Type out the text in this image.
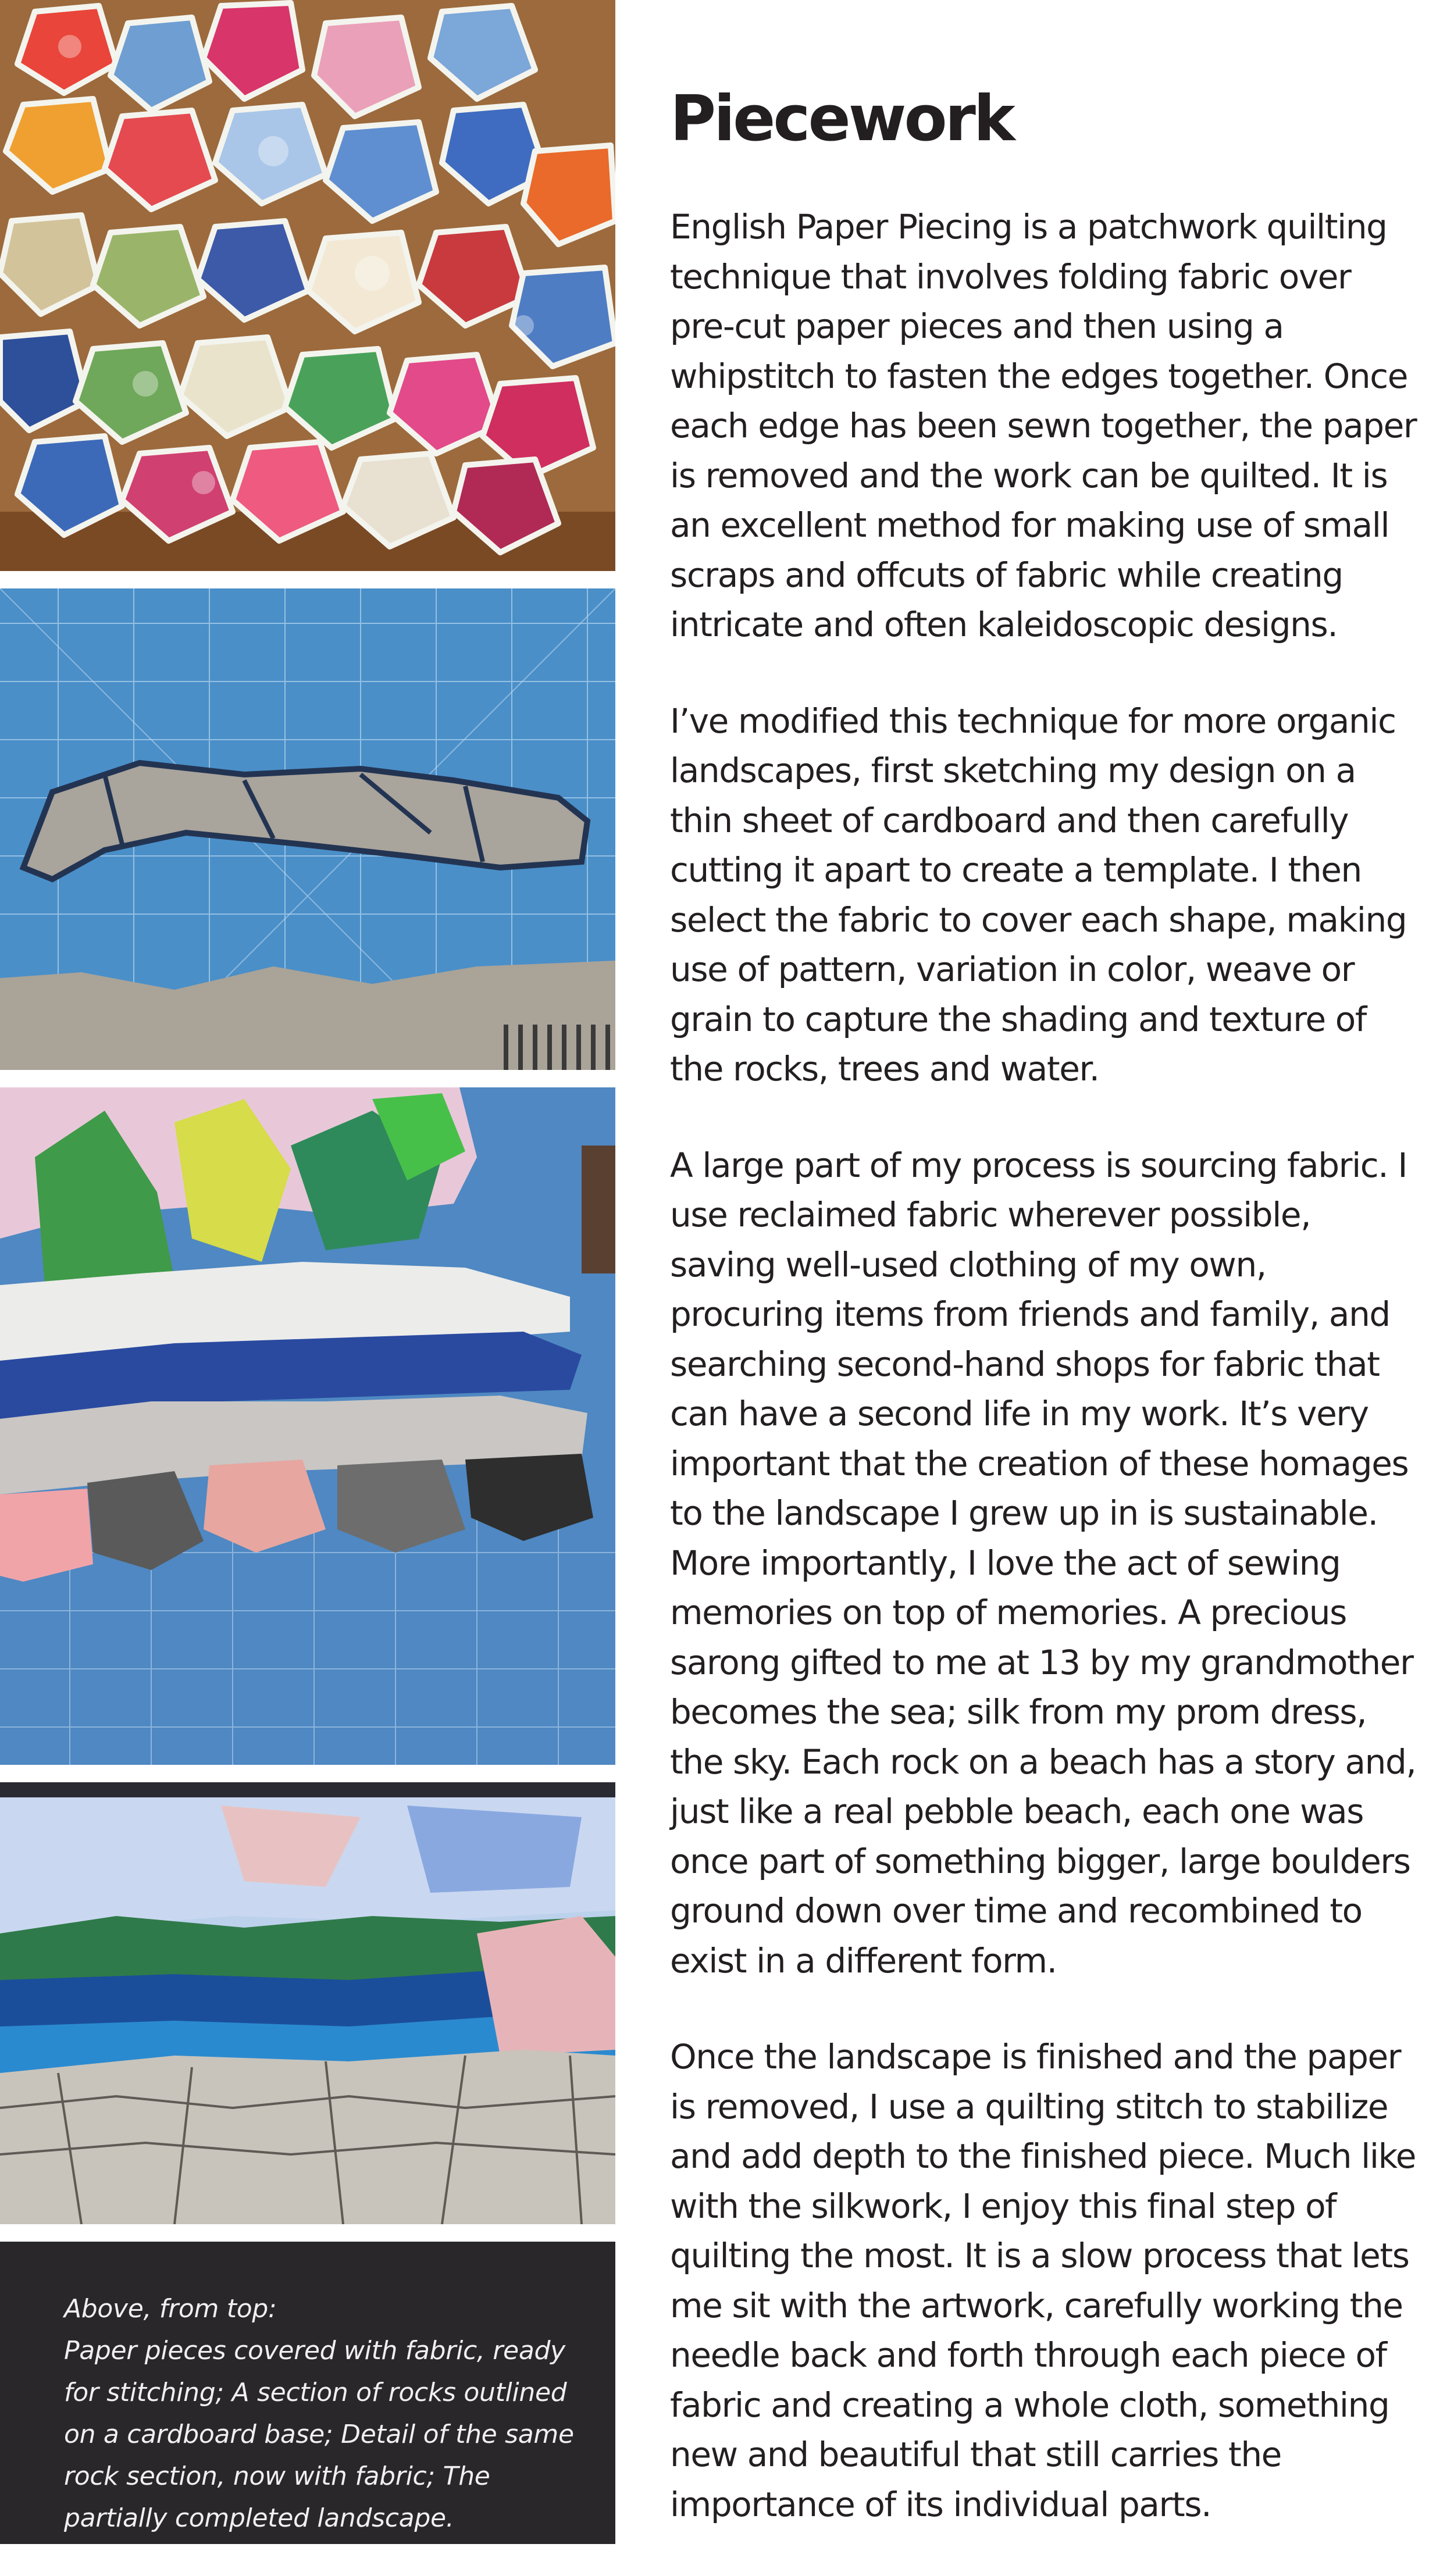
Above, from top:
Paper pieces covered with fabric, ready for stitching; A section of rocks outlined on a cardboard base; Detail of the same rock section, now with fabric; The partially completed landscape.
Piecework

English Paper Piecing is a patchwork quilting technique that involves folding fabric over pre-cut paper pieces and then using a whipstitch to fasten the edges together. Once each edge has been sewn together, the paper is removed and the work can be quilted. It is an excellent method for making use of small scraps and offcuts of fabric while creating intricate and often kaleidoscopic designs.

I’ve modified this technique for more organic landscapes, first sketching my design on a thin sheet of cardboard and then carefully cutting it apart to create a template. I then select the fabric to cover each shape, making use of pattern, variation in color, weave or grain to capture the shading and texture of the rocks, trees and water.

A large part of my process is sourcing fabric. I use reclaimed fabric wherever possible, saving well-used clothing of my own, procuring items from friends and family, and searching second-hand shops for fabric that can have a second life in my work. It’s very important that the creation of these homages to the landscape I grew up in is sustainable. More importantly, I love the act of sewing memories on top of memories. A precious sarong gifted to me at 13 by my grandmother becomes the sea; silk from my prom dress, the sky. Each rock on a beach has a story and, just like a real pebble beach, each one was once part of something bigger, large boulders ground down over time and recombined to exist in a different form.

Once the landscape is finished and the paper is removed, I use a quilting stitch to stabilize and add depth to the finished piece. Much like with the silkwork, I enjoy this final step of quilting the most. It is a slow process that lets me sit with the artwork, carefully working the needle back and forth through each piece of fabric and creating a whole cloth, something new and beautiful that still carries the importance of its individual parts.
